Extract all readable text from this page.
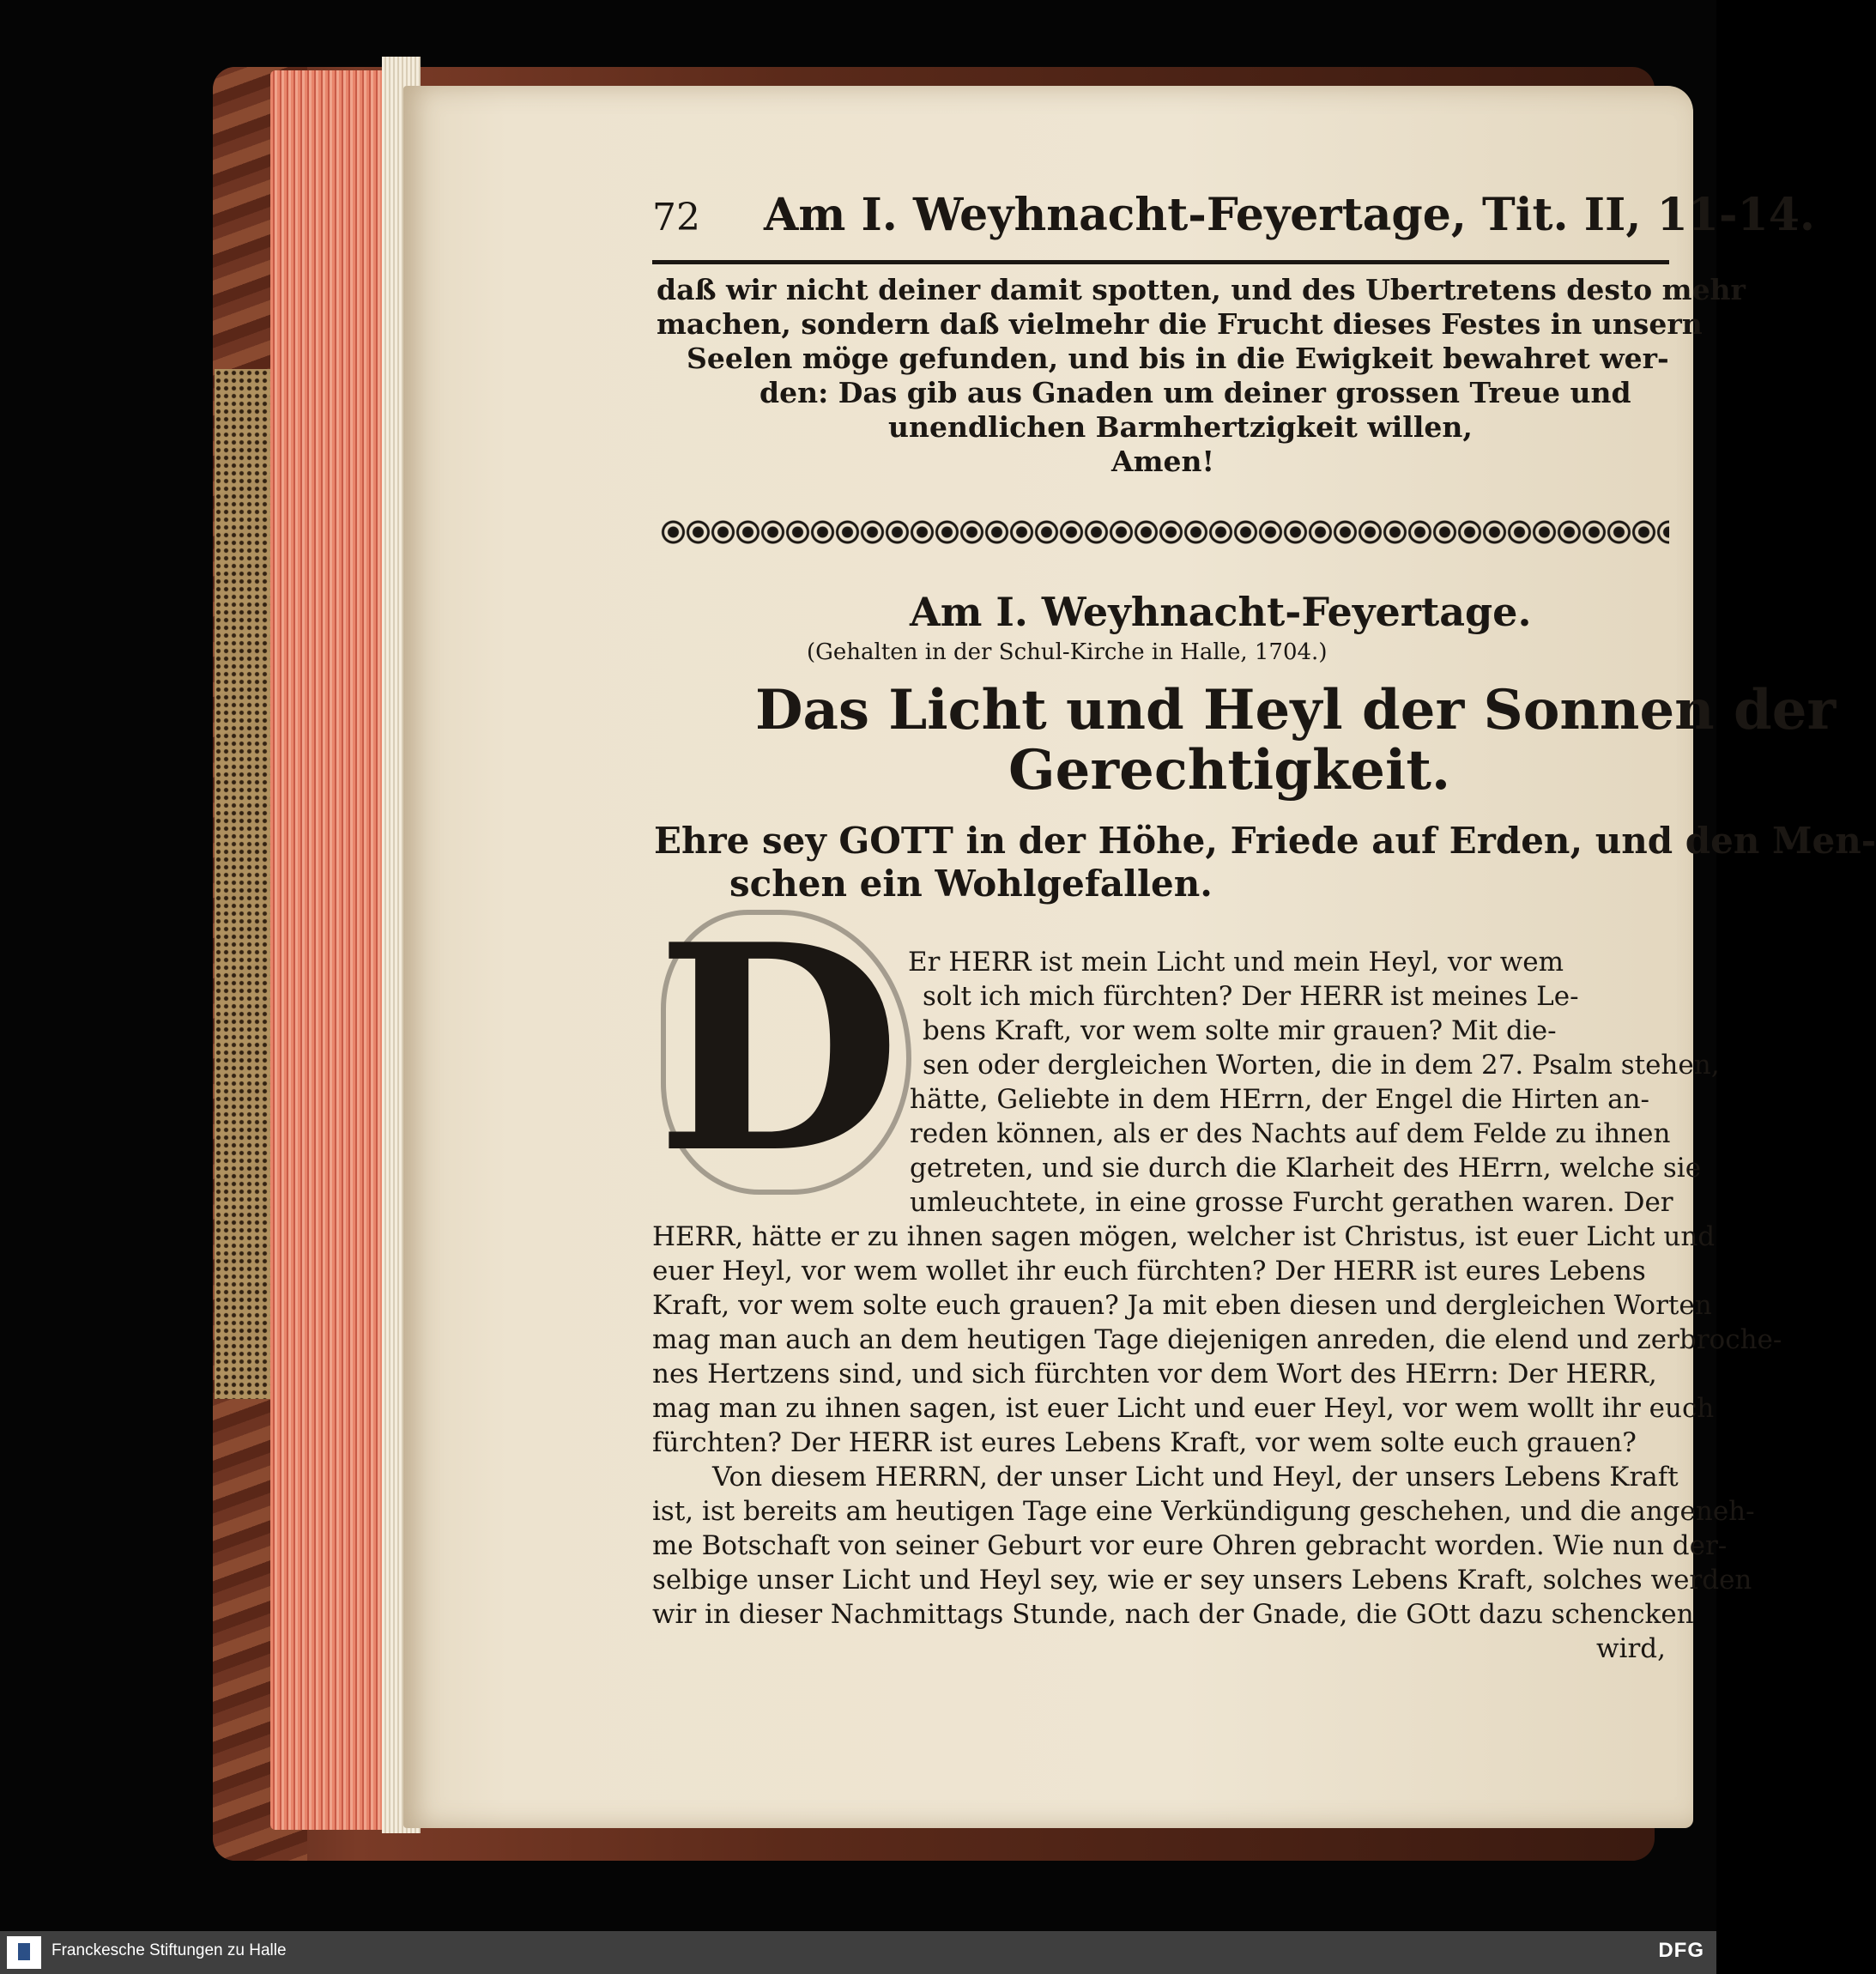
72 Am I. Weyhnacht-Feyertage, Tit. II, 11-14.
daß wir nicht deiner damit spotten, und des Ubertretens desto mehr
machen, sondern daß vielmehr die Frucht dieses Festes in unsern
Seelen möge gefunden, und bis in die Ewigkeit bewahret wer-
den: Das gib aus Gnaden um deiner grossen Treue und
unendlichen Barmhertzigkeit willen,
Amen!
Am I. Weyhnacht-Feyertage.
(Gehalten in der Schul-Kirche in Halle, 1704.)
Das Licht und Heyl der Sonnen der
Gerechtigkeit.
Ehre sey GOTT in der Höhe, Friede auf Erden, und den Men-
schen ein Wohlgefallen.
D Er HERR ist mein Licht und mein Heyl, vor wem
solt ich mich fürchten? Der HERR ist meines Le-
bens Kraft, vor wem solte mir grauen? Mit die-
sen oder dergleichen Worten, die in dem 27. Psalm stehen,
hätte, Geliebte in dem HErrn, der Engel die Hirten an-
reden können, als er des Nachts auf dem Felde zu ihnen
getreten, und sie durch die Klarheit des HErrn, welche sie
umleuchtete, in eine grosse Furcht gerathen waren. Der
HERR, hätte er zu ihnen sagen mögen, welcher ist Christus, ist euer Licht und
euer Heyl, vor wem wollet ihr euch fürchten? Der HERR ist eures Lebens
Kraft, vor wem solte euch grauen? Ja mit eben diesen und dergleichen Worten
mag man auch an dem heutigen Tage diejenigen anreden, die elend und zerbroche-
nes Hertzens sind, und sich fürchten vor dem Wort des HErrn: Der HERR,
mag man zu ihnen sagen, ist euer Licht und euer Heyl, vor wem wollt ihr euch
fürchten? Der HERR ist eures Lebens Kraft, vor wem solte euch grauen?
Von diesem HERRN, der unser Licht und Heyl, der unsers Lebens Kraft
ist, ist bereits am heutigen Tage eine Verkündigung geschehen, und die angeneh-
me Botschaft von seiner Geburt vor eure Ohren gebracht worden. Wie nun der-
selbige unser Licht und Heyl sey, wie er sey unsers Lebens Kraft, solches werden
wir in dieser Nachmittags Stunde, nach der Gnade, die GOtt dazu schencken
wird,
Franckesche Stiftungen zu Halle	DFG
